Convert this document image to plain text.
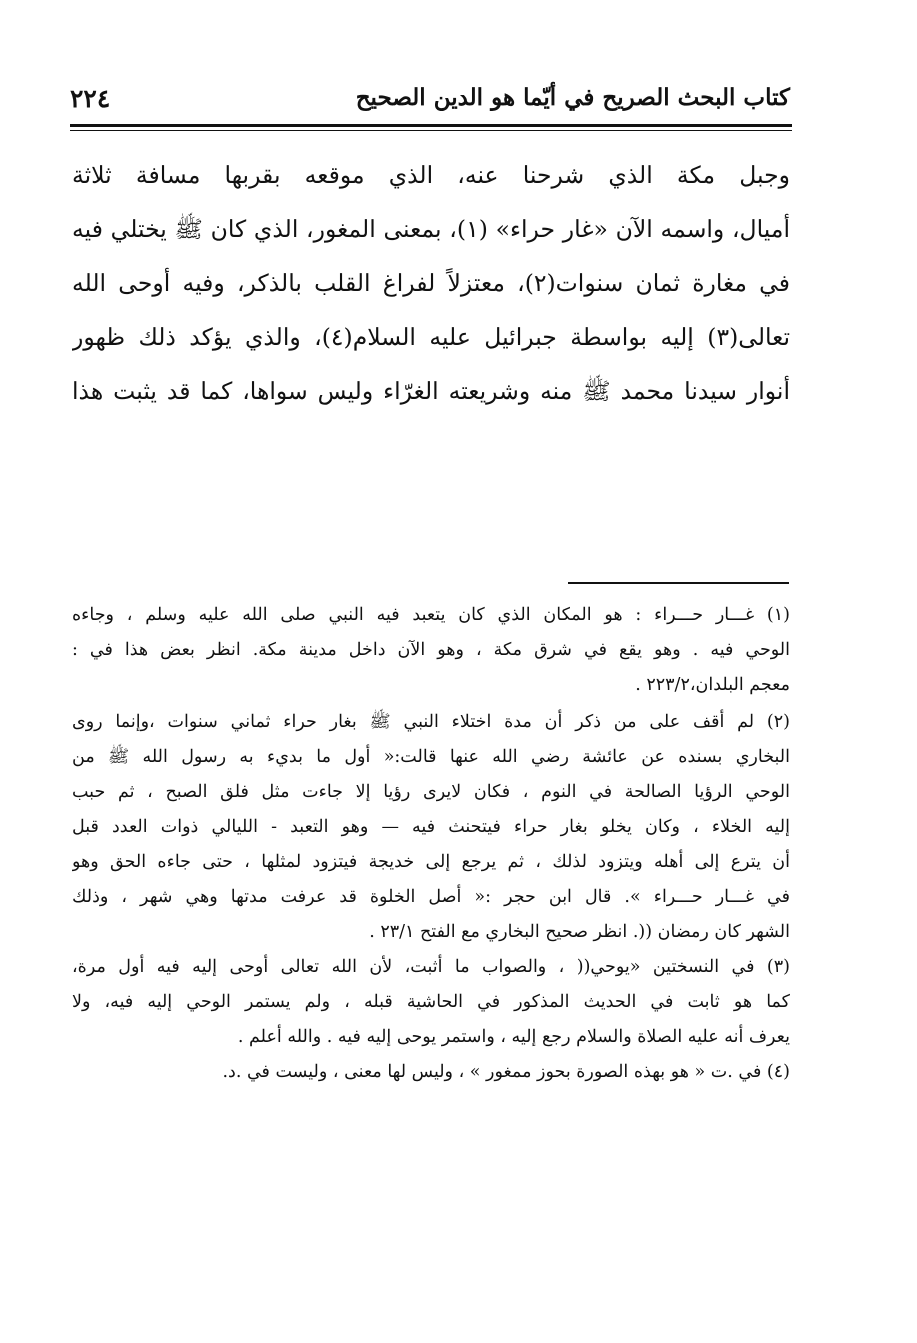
كتاب البحث الصريح في أيّما هو الدين الصحيح
٢٢٤
وجبل مكة الذي شرحنا عنه، الذي موقعه بقربها مسافة ثلاثة
أميال، واسمه الآن «غار حراء» (١)، بمعنى المغور، الذي كان ﷺ يختلي فيه
في مغارة ثمان سنوات(٢)، معتزلاً لفراغ القلب بالذكر، وفيه أوحى الله
تعالى(٣) إليه بواسطة جبرائيل عليه السلام(٤)، والذي يؤكد ذلك ظهور
أنوار سيدنا محمد ﷺ منه وشريعته الغرّاء وليس سواها، كما قد يثبت هذا
(١) غـــار حـــراء : هو المكان الذي كان يتعبد فيه النبي صلى الله عليه وسلم ، وجاءه
الوحي فيه . وهو يقع في شرق مكة ، وهو الآن داخل مدينة مكة. انظر بعض هذا في :
معجم البلدان،٢٢٣/٢ .
(٢) لم أقف على من ذكر أن مدة اختلاء النبي ﷺ بغار حراء ثماني سنوات ،وإنما روى
البخاري بسنده عن عائشة رضي الله عنها قالت:« أول ما بديء به رسول الله ﷺ من
الوحي الرؤيا الصالحة في النوم ، فكان لايرى رؤيا إلا جاءت مثل فلق الصبح ، ثم حبب
إليه الخلاء ، وكان يخلو بغار حراء فيتحنث فيه — وهو التعبد - الليالي ذوات العدد قبل
أن يترع إلى أهله ويتزود لذلك ، ثم يرجع إلى خديجة فيتزود لمثلها ، حتى جاءه الحق وهو
في غـــار حـــراء ». قال ابن حجر :« أصل الخلوة قد عرفت مدتها وهي شهر ، وذلك
الشهر كان رمضان ((. انظر صحيح البخاري مع الفتح ٢٣/١ .
(٣) في النسختين «يوحي(( ، والصواب ما أثبت، لأن الله تعالى أوحى إليه فيه أول مرة،
كما هو ثابت في الحديث المذكور في الحاشية قبله ، ولم يستمر الوحي إليه فيه، ولا
يعرف أنه عليه الصلاة والسلام رجع إليه ، واستمر يوحى إليه فيه . والله أعلم .
(٤) في .ت « هو بهذه الصورة بحوز ممغور » ، وليس لها معنى ، وليست في .د.
